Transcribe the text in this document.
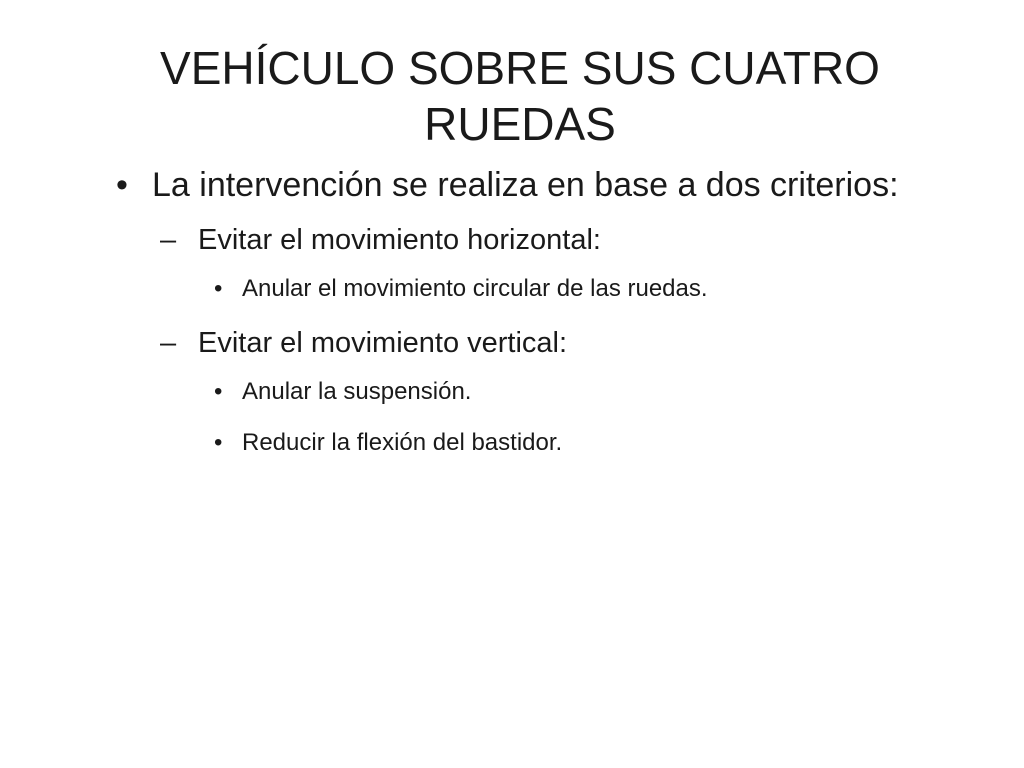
VEHÍCULO SOBRE SUS CUATRO RUEDAS
• La intervención se realiza en base a dos criterios:
– Evitar el movimiento horizontal:
• Anular el movimiento circular de las ruedas.
– Evitar el movimiento vertical:
• Anular la suspensión.
• Reducir la flexión del bastidor.
